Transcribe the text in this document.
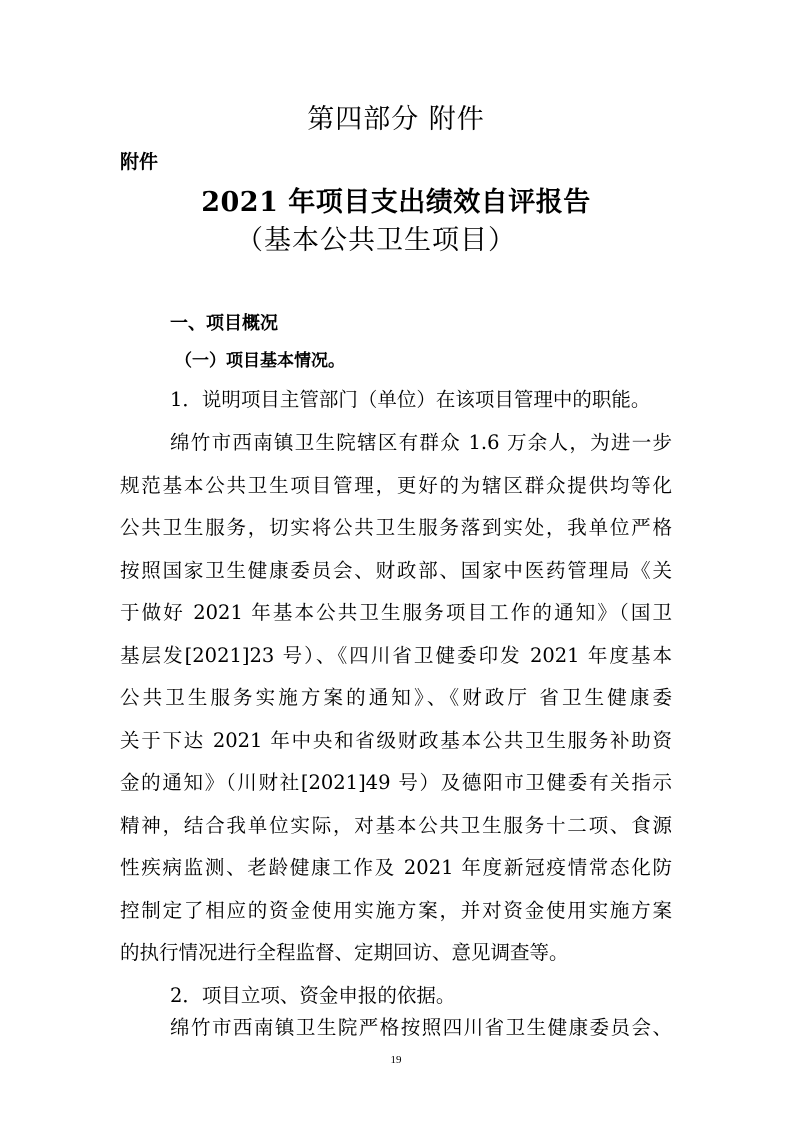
第四部分 附件
附件
2021 年项目支出绩效自评报告
（基本公共卫生项目）
一、项目概况
（一）项目基本情况。
1．说明项目主管部门（单位）在该项目管理中的职能。
绵竹市西南镇卫生院辖区有群众 1.6 万余人，为进一步
规范基本公共卫生项目管理，更好的为辖区群众提供均等化
公共卫生服务，切实将公共卫生服务落到实处，我单位严格
按照国家卫生健康委员会、财政部、国家中医药管理局《关
于做好 2021 年基本公共卫生服务项目工作的通知》（国卫
基层发[2021]23 号）、《四川省卫健委印发 2021 年度基本
公共卫生服务实施方案的通知》、《财政厅 省卫生健康委
关于下达 2021 年中央和省级财政基本公共卫生服务补助资
金的通知》（川财社[2021]49 号）及德阳市卫健委有关指示
精神，结合我单位实际，对基本公共卫生服务十二项、食源
性疾病监测、老龄健康工作及 2021 年度新冠疫情常态化防
控制定了相应的资金使用实施方案，并对资金使用实施方案
的执行情况进行全程监督、定期回访、意见调查等。
2．项目立项、资金申报的依据。
绵竹市西南镇卫生院严格按照四川省卫生健康委员会、
19
